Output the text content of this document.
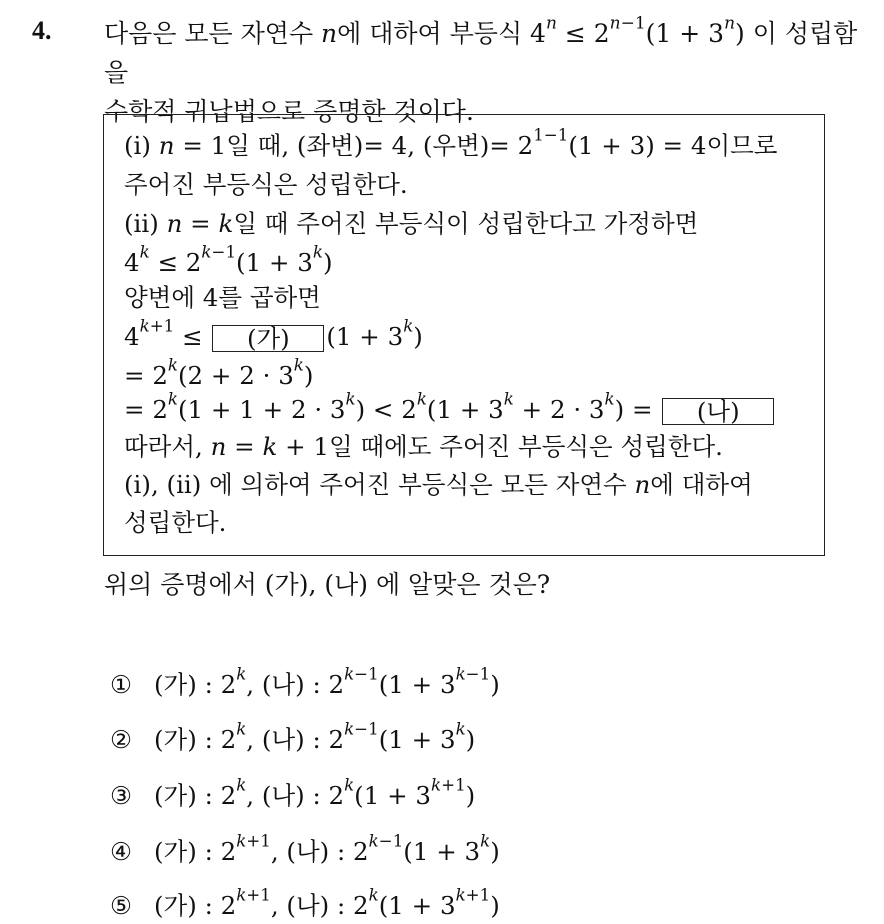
4. 다음은 모든 자연수 n에 대하여 부등식 $4^n \le 2^{n-1}(1 + 3^n)$ 이 성립함을
수학적 귀납법으로 증명한 것이다.
(i) n = 1일 때, (좌변)= 4, (우변)= $2^{1-1}(1 + 3) = 4$이므로
주어진 부등식은 성립한다.
(ii) n = k일 때 주어진 부등식이 성립한다고 가정하면
$4^k \le 2^{k-1}(1 + 3^k)$
양변에 4를 곱하면
$4^{k+1}$ ≤ (가) $(1 + 3^k)$
= $2^k(2 + 2 \cdot 3^k)$
= $2^k(1 + 1 + 2 \cdot 3^k) < 2^k(1 + 3^k + 2 \cdot 3^k)$ = (나)
따라서, n = k + 1일 때에도 주어진 부등식은 성립한다.
(i), (ii) 에 의하여 주어진 부등식은 모든 자연수 n에 대하여
성립한다.
위의 증명에서 (가), (나) 에 알맞은 것은?
① (가) : 2$^k$, (나) : $2^{k-1}(1 + 3^{k-1})$
② (가) : 2$^k$, (나) : $2^{k-1}(1 + 3^k)$
③ (가) : 2$^k$, (나) : $2^k(1 + 3^{k+1})$
④ (가) : $2^{k+1}$, (나) : $2^{k-1}(1 + 3^k)$
⑤ (가) : $2^{k+1}$, (나) : $2^k(1 + 3^{k+1})$
